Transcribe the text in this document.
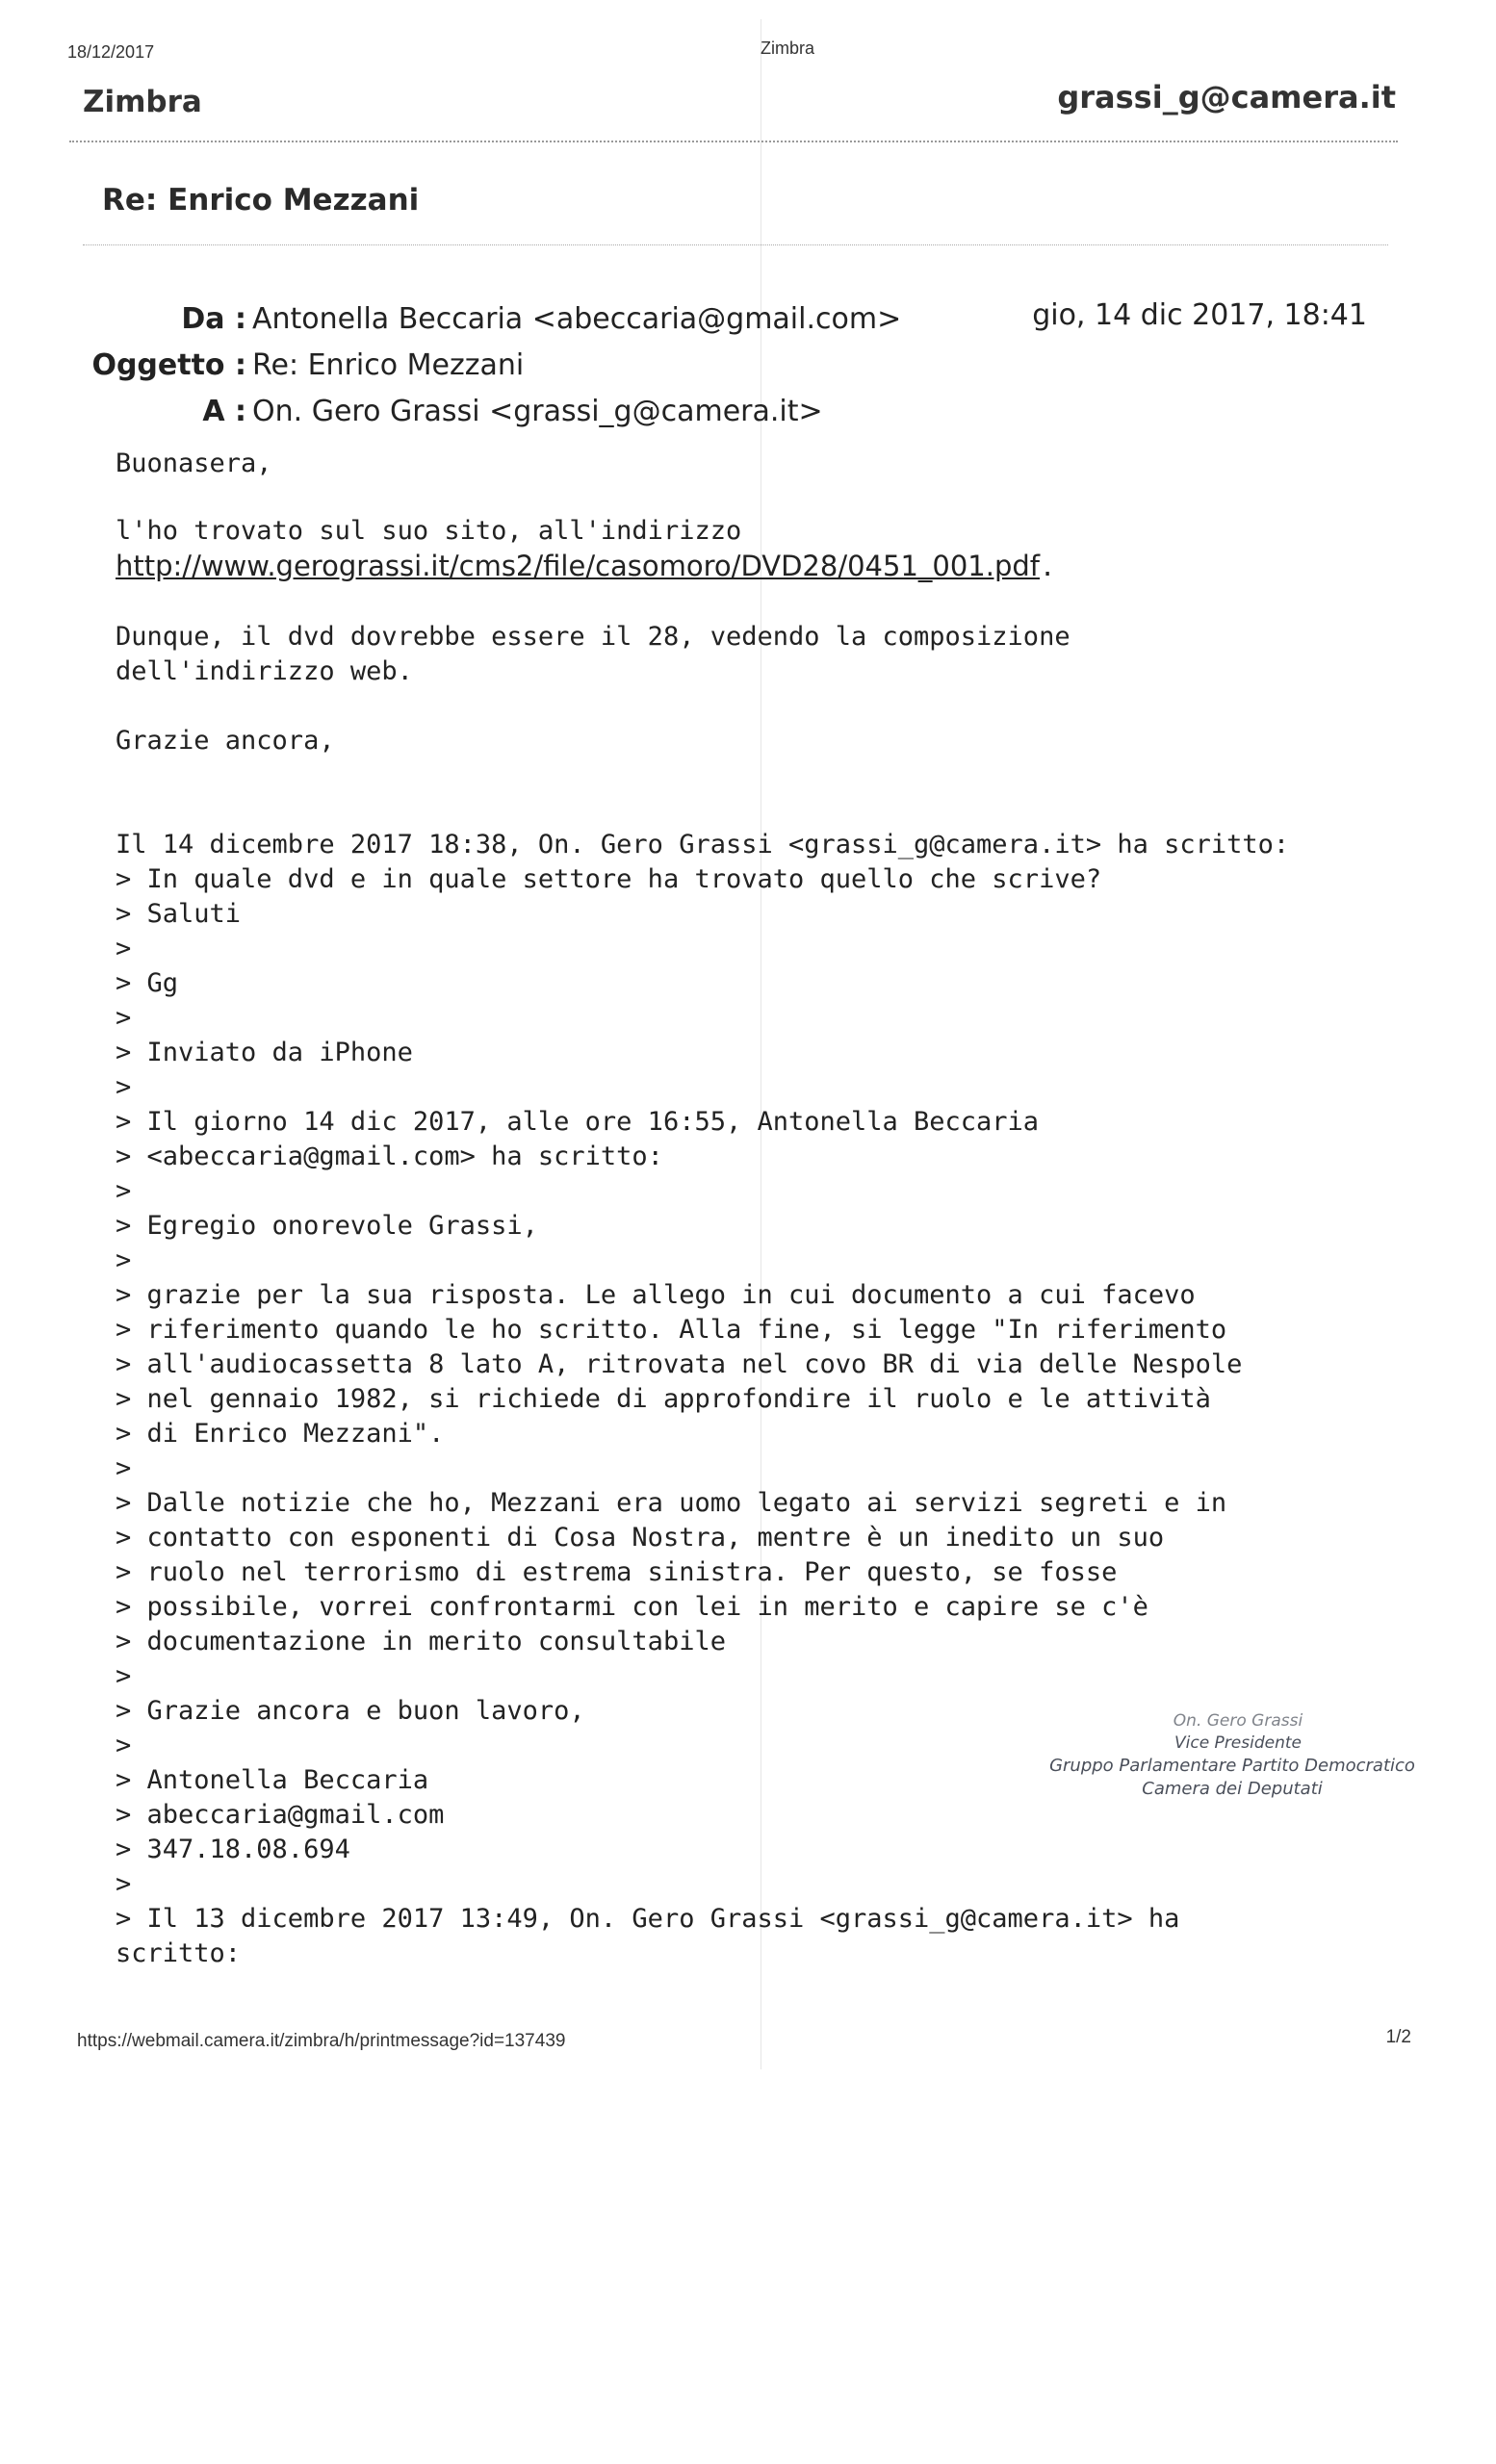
18/12/2017	Zimbra
Zimbra	grassi_g@camera.it
Re: Enrico Mezzani
Da : Antonella Beccaria <abeccaria@gmail.com>	gio, 14 dic 2017, 18:41
Oggetto : Re: Enrico Mezzani
A : On. Gero Grassi <grassi_g@camera.it>
Buonasera,
l'ho trovato sul suo sito, all'indirizzo
http://www.gerograssi.it/cms2/file/casomoro/DVD28/0451_001.pdf.
Dunque, il dvd dovrebbe essere il 28, vedendo la composizione
dell'indirizzo web.
Grazie ancora,
Il 14 dicembre 2017 18:38, On. Gero Grassi <grassi_g@camera.it> ha scritto:
> In quale dvd e in quale settore ha trovato quello che scrive?
> Saluti
>
> Gg
>
> Inviato da iPhone
>
> Il giorno 14 dic 2017, alle ore 16:55, Antonella Beccaria
> <abeccaria@gmail.com> ha scritto:
>
> Egregio onorevole Grassi,
>
> grazie per la sua risposta. Le allego in cui documento a cui facevo
> riferimento quando le ho scritto. Alla fine, si legge "In riferimento
> all'audiocassetta 8 lato A, ritrovata nel covo BR di via delle Nespole
> nel gennaio 1982, si richiede di approfondire il ruolo e le attività
> di Enrico Mezzani".
>
> Dalle notizie che ho, Mezzani era uomo legato ai servizi segreti e in
> contatto con esponenti di Cosa Nostra, mentre è un inedito un suo
> ruolo nel terrorismo di estrema sinistra. Per questo, se fosse
> possibile, vorrei confrontarmi con lei in merito e capire se c'è
> documentazione in merito consultabile
>
> Grazie ancora e buon lavoro,
>
> Antonella Beccaria
> abeccaria@gmail.com
> 347.18.08.694
>
> Il 13 dicembre 2017 13:49, On. Gero Grassi <grassi_g@camera.it> ha
scritto:
On. Gero Grassi
Vice Presidente
Gruppo Parlamentare Partito Democratico
Camera dei Deputati
https://webmail.camera.it/zimbra/h/printmessage?id=137439	1/2
